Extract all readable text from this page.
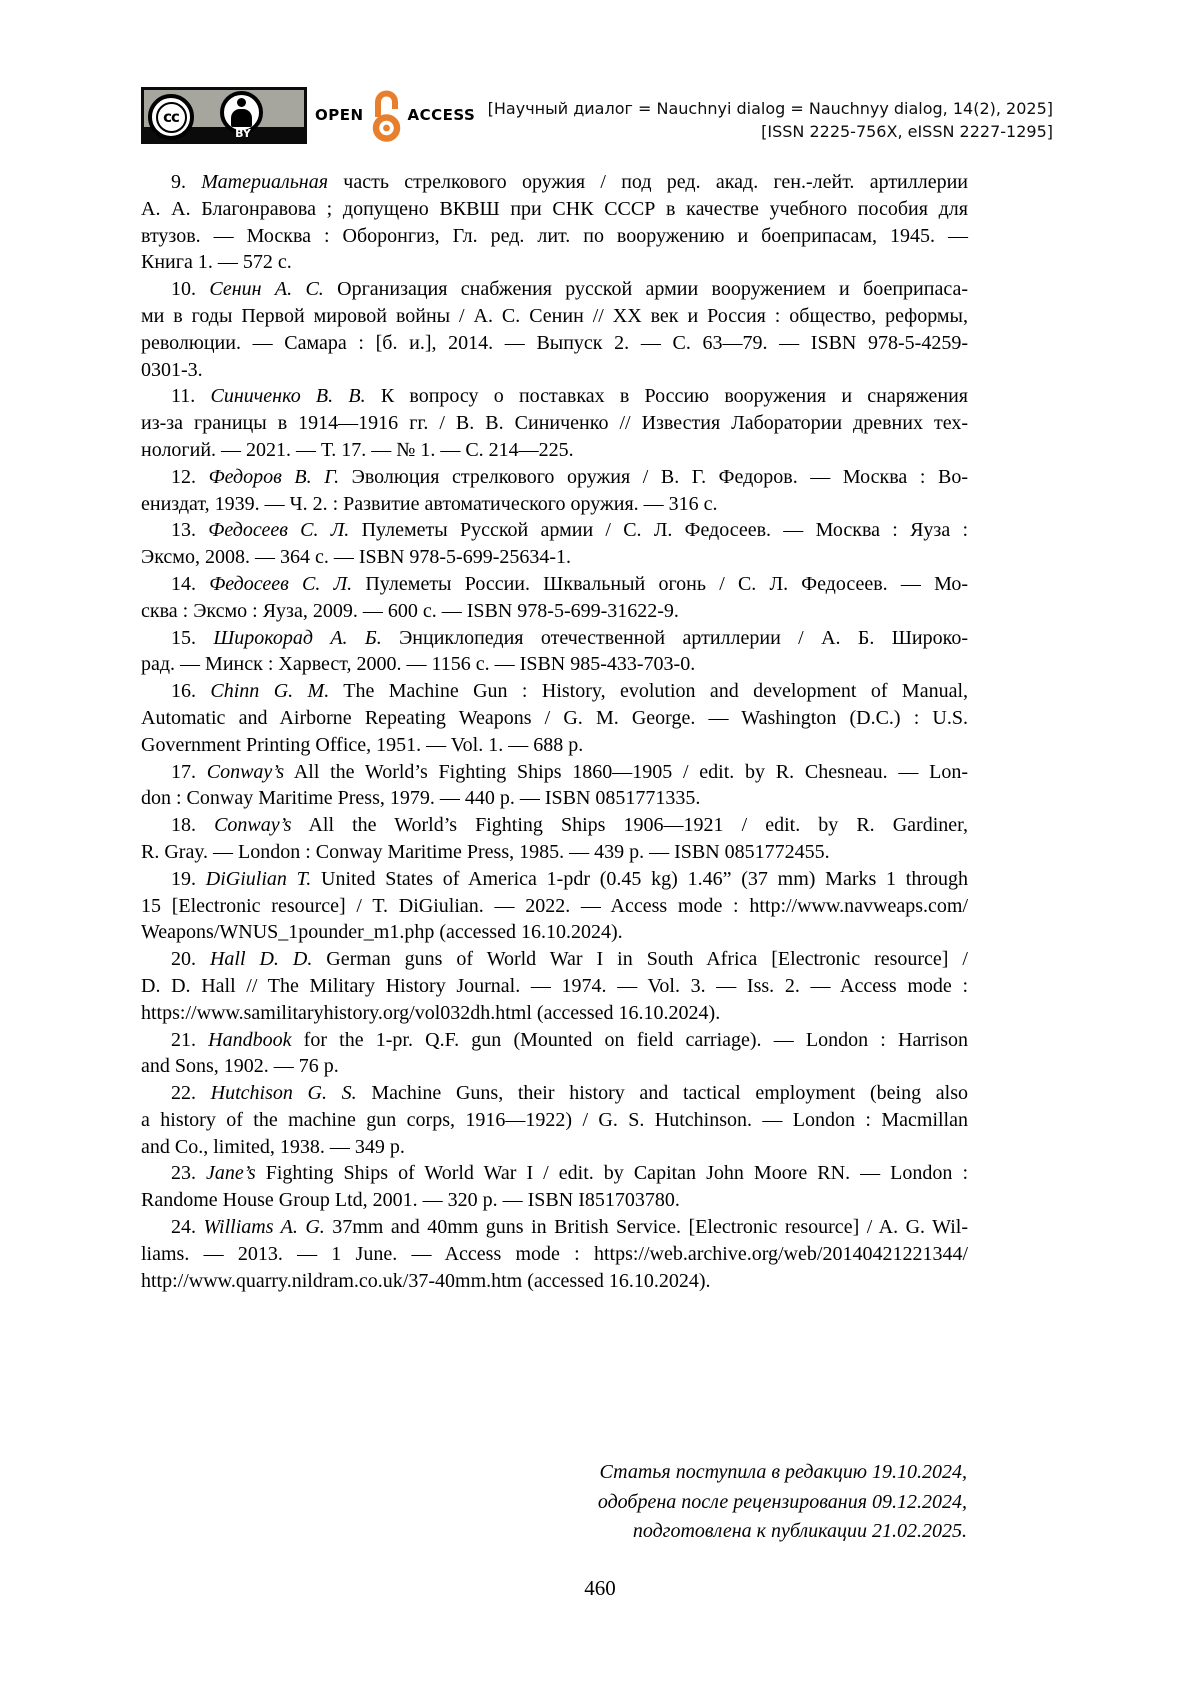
cc
BY
OPEN	ACCESS [Научный диалог = Nauchnyi dialog = Nauchnyy dialog, 14(2), 2025]
[ISSN 2225-756X, eISSN 2227-1295]
9. Материальная часть стрелкового оружия / под ред. акад. ген.-лейт. артиллерии
А. А. Благонравова ; допущено ВКВШ при СНК СССР в качестве учебного пособия для
втузов. — Москва : Оборонгиз, Гл. ред. лит. по вооружению и боеприпасам, 1945. —
Книга 1. — 572 с.
10. Сенин А. С. Организация снабжения русской армии вооружением и боеприпаса-
ми в годы Первой мировой войны / А. С. Сенин // XX век и Россия : общество, реформы,
революции. — Самара : [б. и.], 2014. — Выпуск 2. — С. 63—79. — ISBN 978-5-4259-
0301-3.
11. Синиченко В. В. К вопросу о поставках в Россию вооружения и снаряжения
из-за границы в 1914—1916 гг. / В. В. Синиченко // Известия Лаборатории древних тех-
нологий. — 2021. — Т. 17. — № 1. — С. 214—225.
12. Федоров В. Г. Эволюция стрелкового оружия / В. Г. Федоров. — Москва : Во-
ениздат, 1939. — Ч. 2. : Развитие автоматического оружия. — 316 с.
13. Федосеев С. Л. Пулеметы Русской армии / С. Л. Федосеев. — Москва : Яуза :
Эксмо, 2008. — 364 с. — ISBN 978-5-699-25634-1.
14. Федосеев С. Л. Пулеметы России. Шквальный огонь / С. Л. Федосеев. — Мо-
сква : Эксмо : Яуза, 2009. — 600 с. — ISBN 978-5-699-31622-9.
15. Широкорад А. Б. Энциклопедия отечественной артиллерии / А. Б. Широко-
рад. — Минск : Харвест, 2000. — 1156 с. — ISBN 985-433-703-0.
16. Chinn G. M. The Machine Gun : History, evolution and development of Manual,
Automatic and Airborne Repeating Weapons / G. M. George. — Washington (D.C.) : U.S.
Government Printing Office, 1951. — Vol. 1. — 688 p.
17. Conway’s All the World’s Fighting Ships 1860—1905 / edit. by R. Chesneau. — Lon-
don : Conway Maritime Press, 1979. — 440 p. — ISBN 0851771335.
18. Conway’s All the World’s Fighting Ships 1906—1921 / edit. by R. Gardiner,
R. Gray. — London : Conway Maritime Press, 1985. — 439 p. — ISBN 0851772455.
19. DiGiulian T. United States of America 1-pdr (0.45 kg) 1.46” (37 mm) Marks 1 through
15 [Electronic resource] / T. DiGiulian. — 2022. — Access mode : http://www.navweaps.com/
Weapons/WNUS_1pounder_m1.php (accessed 16.10.2024).
20. Hall D. D. German guns of World War I in South Africa [Electronic resource] /
D. D. Hall // The Military History Journal. — 1974. — Vol. 3. — Iss. 2. — Access mode :
https://www.samilitaryhistory.org/vol032dh.html (accessed 16.10.2024).
21. Handbook for the 1-pr. Q.F. gun (Mounted on field carriage). — London : Harrison
and Sons, 1902. — 76 p.
22. Hutchison G. S. Machine Guns, their history and tactical employment (being also
a history of the machine gun corps, 1916—1922) / G. S. Hutchinson. — London : Macmillan
and Co., limited, 1938. — 349 p.
23. Jane’s Fighting Ships of World War I / edit. by Capitan John Moore RN. — London :
Randome House Group Ltd, 2001. — 320 p. — ISBN I851703780.
24. Williams A. G. 37mm and 40mm guns in British Service. [Electronic resource] / A. G. Wil-
liams. — 2013. — 1 June. — Access mode : https://web.archive.org/web/20140421221344/
http://www.quarry.nildram.co.uk/37-40mm.htm (accessed 16.10.2024).
Статья поступила в редакцию 19.10.2024,
одобрена после рецензирования 09.12.2024,
подготовлена к публикации 21.02.2025.
460
